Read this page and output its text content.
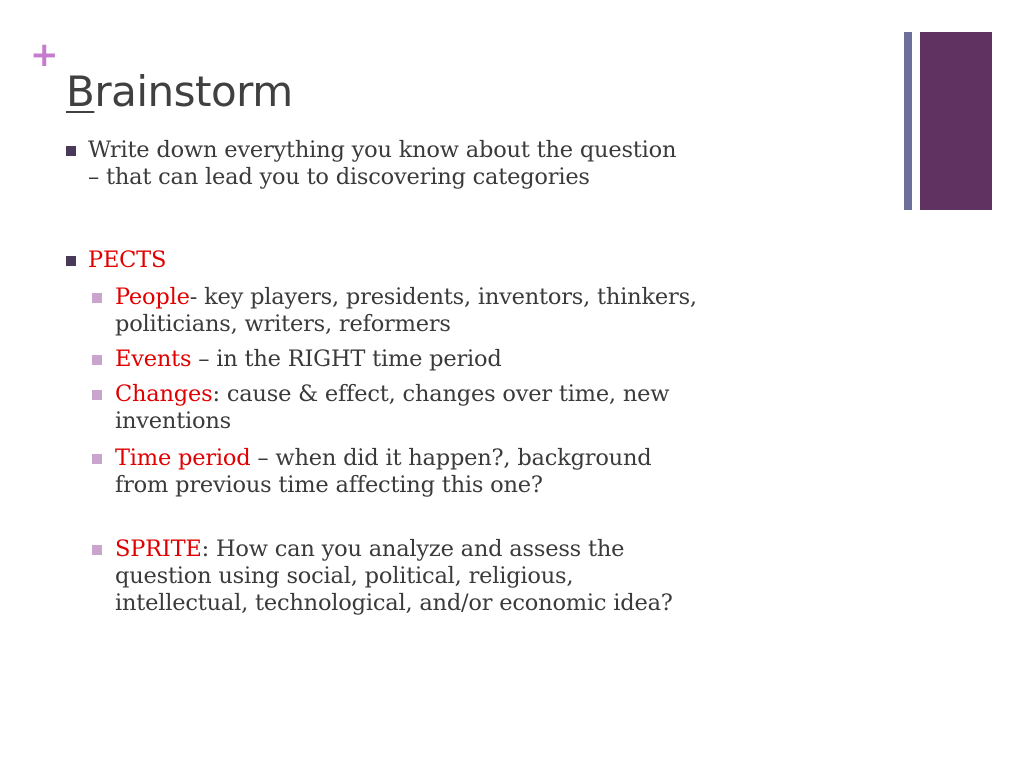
+
Brainstorm

Write down everything you know about the question – that can lead you to discovering categories

PECTS

People- key players, presidents, inventors, thinkers, politicians, writers, reformers

Events – in the RIGHT time period

Changes: cause & effect, changes over time, new inventions

Time period – when did it happen?, background from previous time affecting this one?

SPRITE: How can you analyze and assess the question using social, political, religious, intellectual, technological, and/or economic idea?
